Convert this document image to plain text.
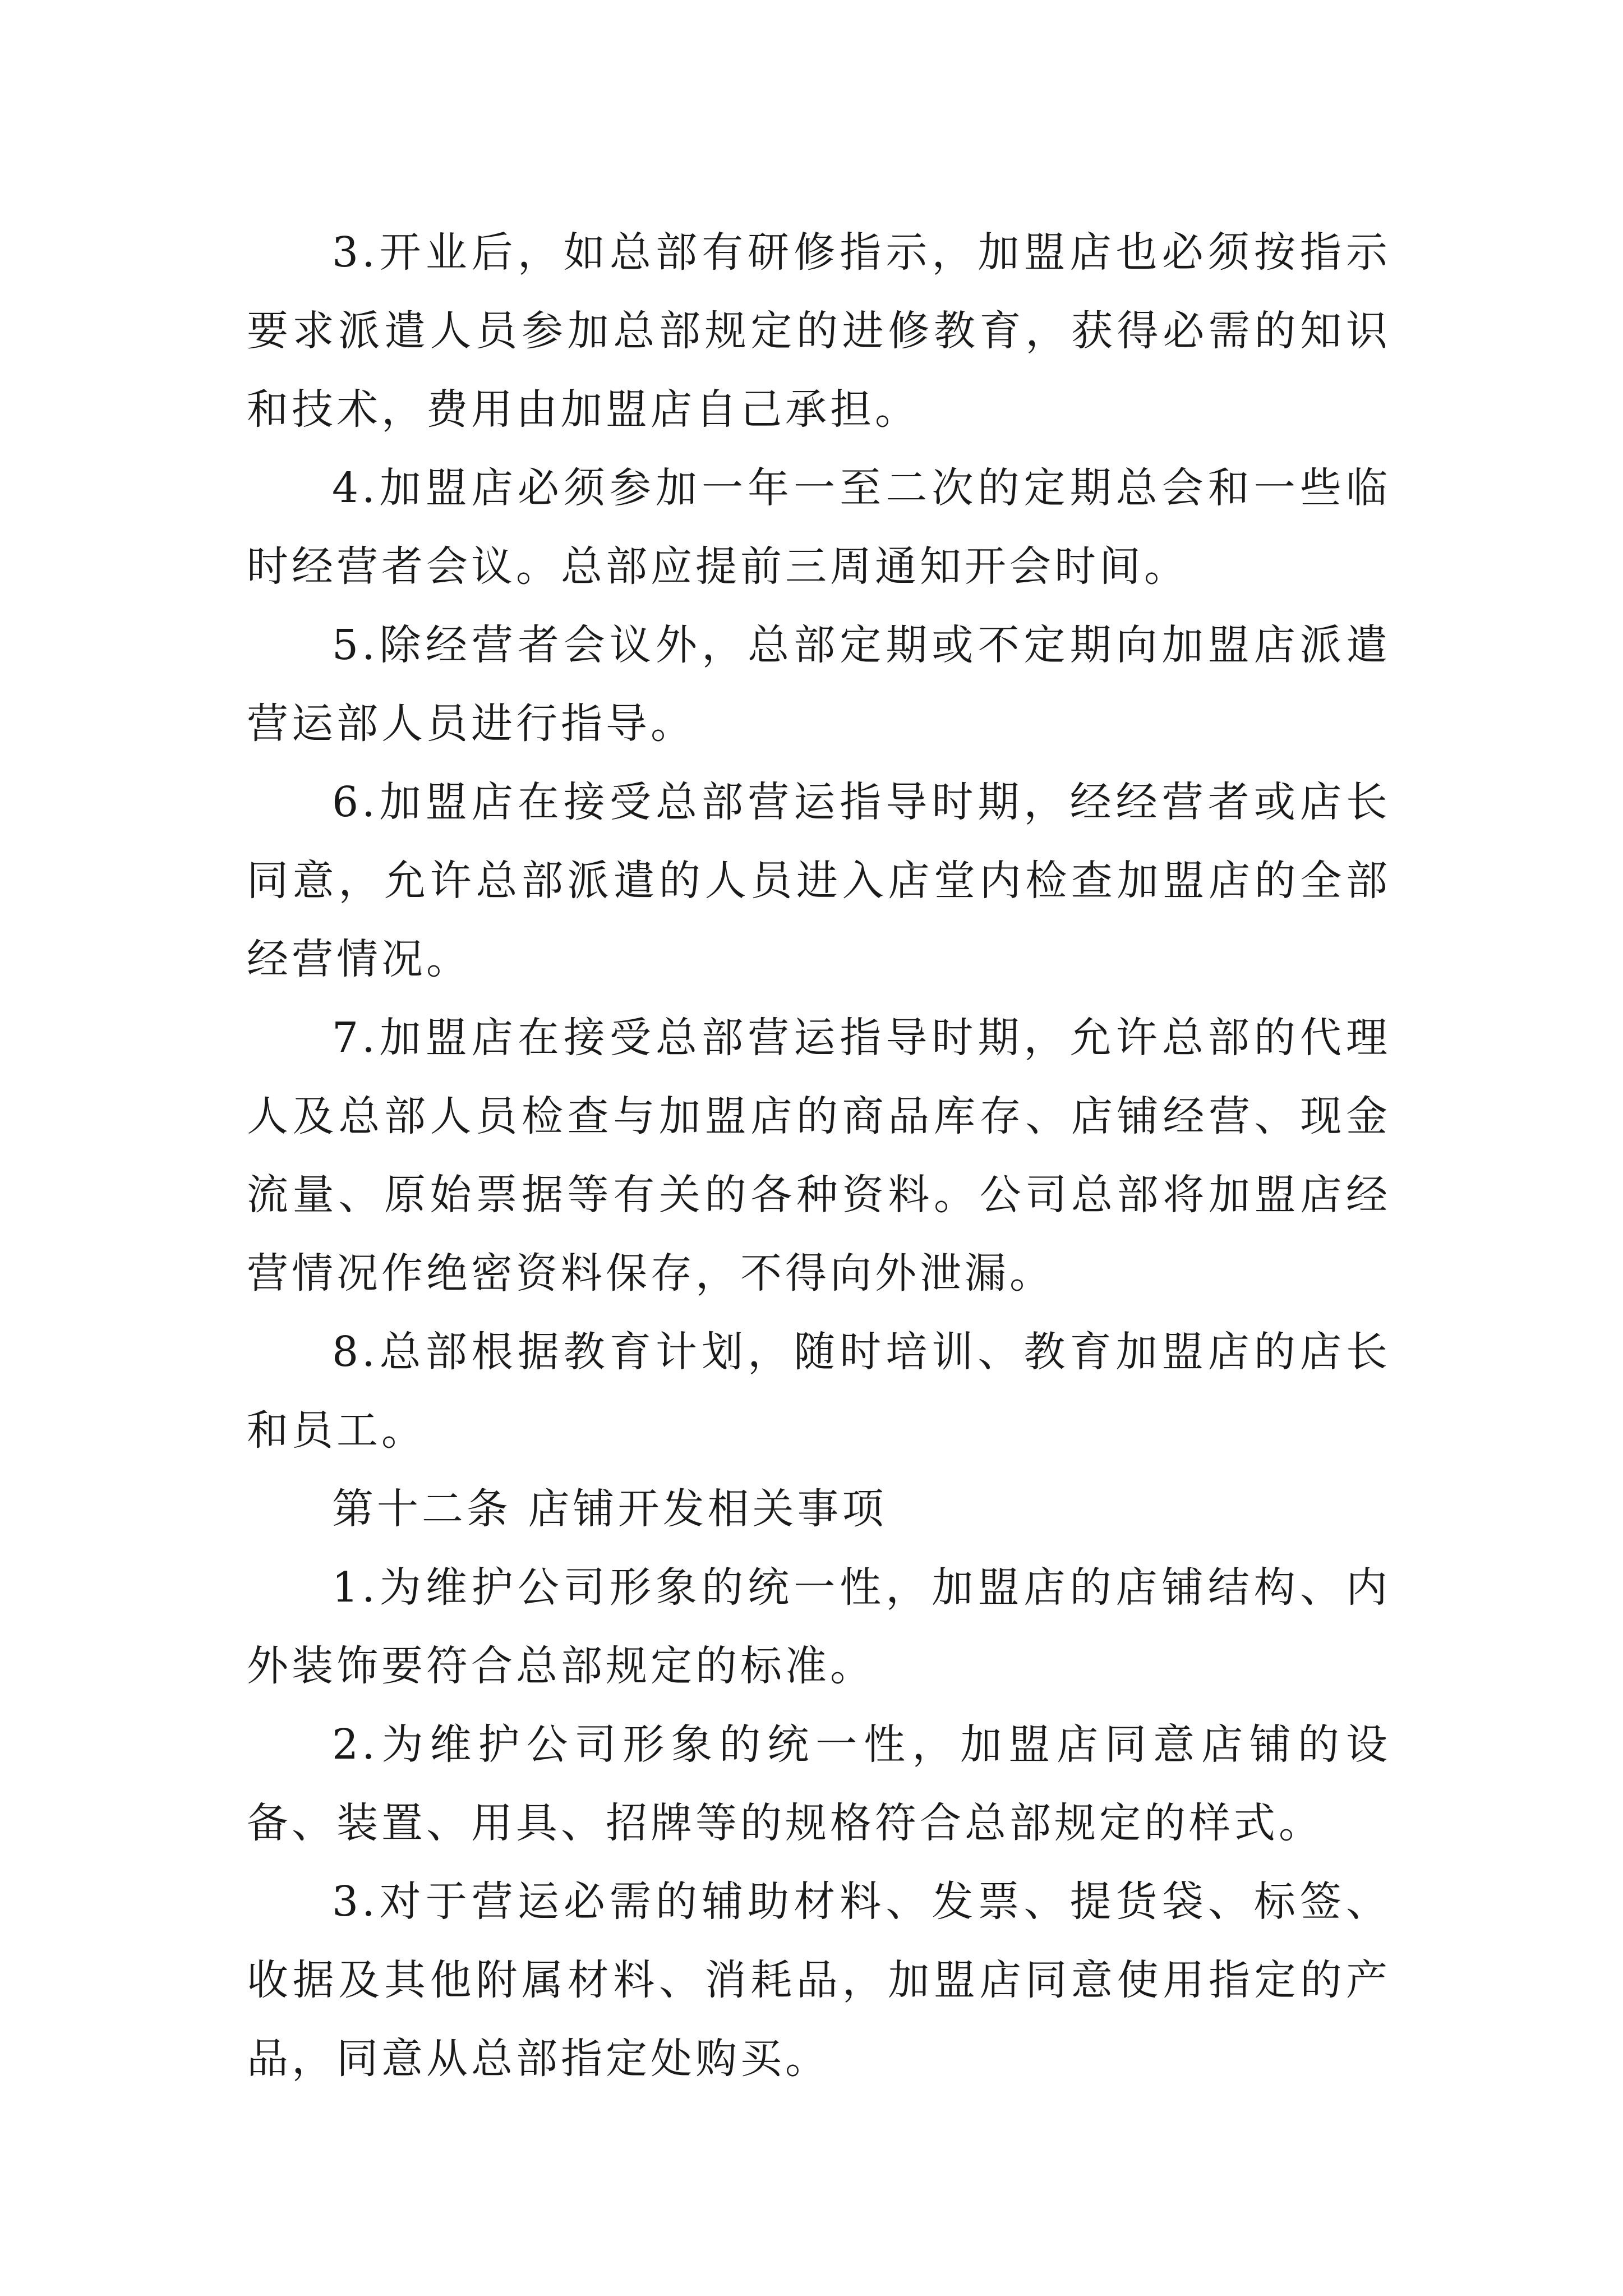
3.开业后，如总部有研修指示，加盟店也必须按指示要求派遣人员参加总部规定的进修教育，获得必需的知识和技术，费用由加盟店自己承担。

4.加盟店必须参加一年一至二次的定期总会和一些临时经营者会议。总部应提前三周通知开会时间。

5.除经营者会议外，总部定期或不定期向加盟店派遣营运部人员进行指导。

6.加盟店在接受总部营运指导时期，经经营者或店长同意，允许总部派遣的人员进入店堂内检查加盟店的全部经营情况。

7.加盟店在接受总部营运指导时期，允许总部的代理人及总部人员检查与加盟店的商品库存、店铺经营、现金流量、原始票据等有关的各种资料。公司总部将加盟店经营情况作绝密资料保存，不得向外泄漏。

8.总部根据教育计划，随时培训、教育加盟店的店长和员工。

第十二条 店铺开发相关事项

1.为维护公司形象的统一性，加盟店的店铺结构、内外装饰要符合总部规定的标准。

2.为维护公司形象的统一性，加盟店同意店铺的设备、装置、用具、招牌等的规格符合总部规定的样式。

3.对于营运必需的辅助材料、发票、提货袋、标签、收据及其他附属材料、消耗品，加盟店同意使用指定的产品，同意从总部指定处购买。
